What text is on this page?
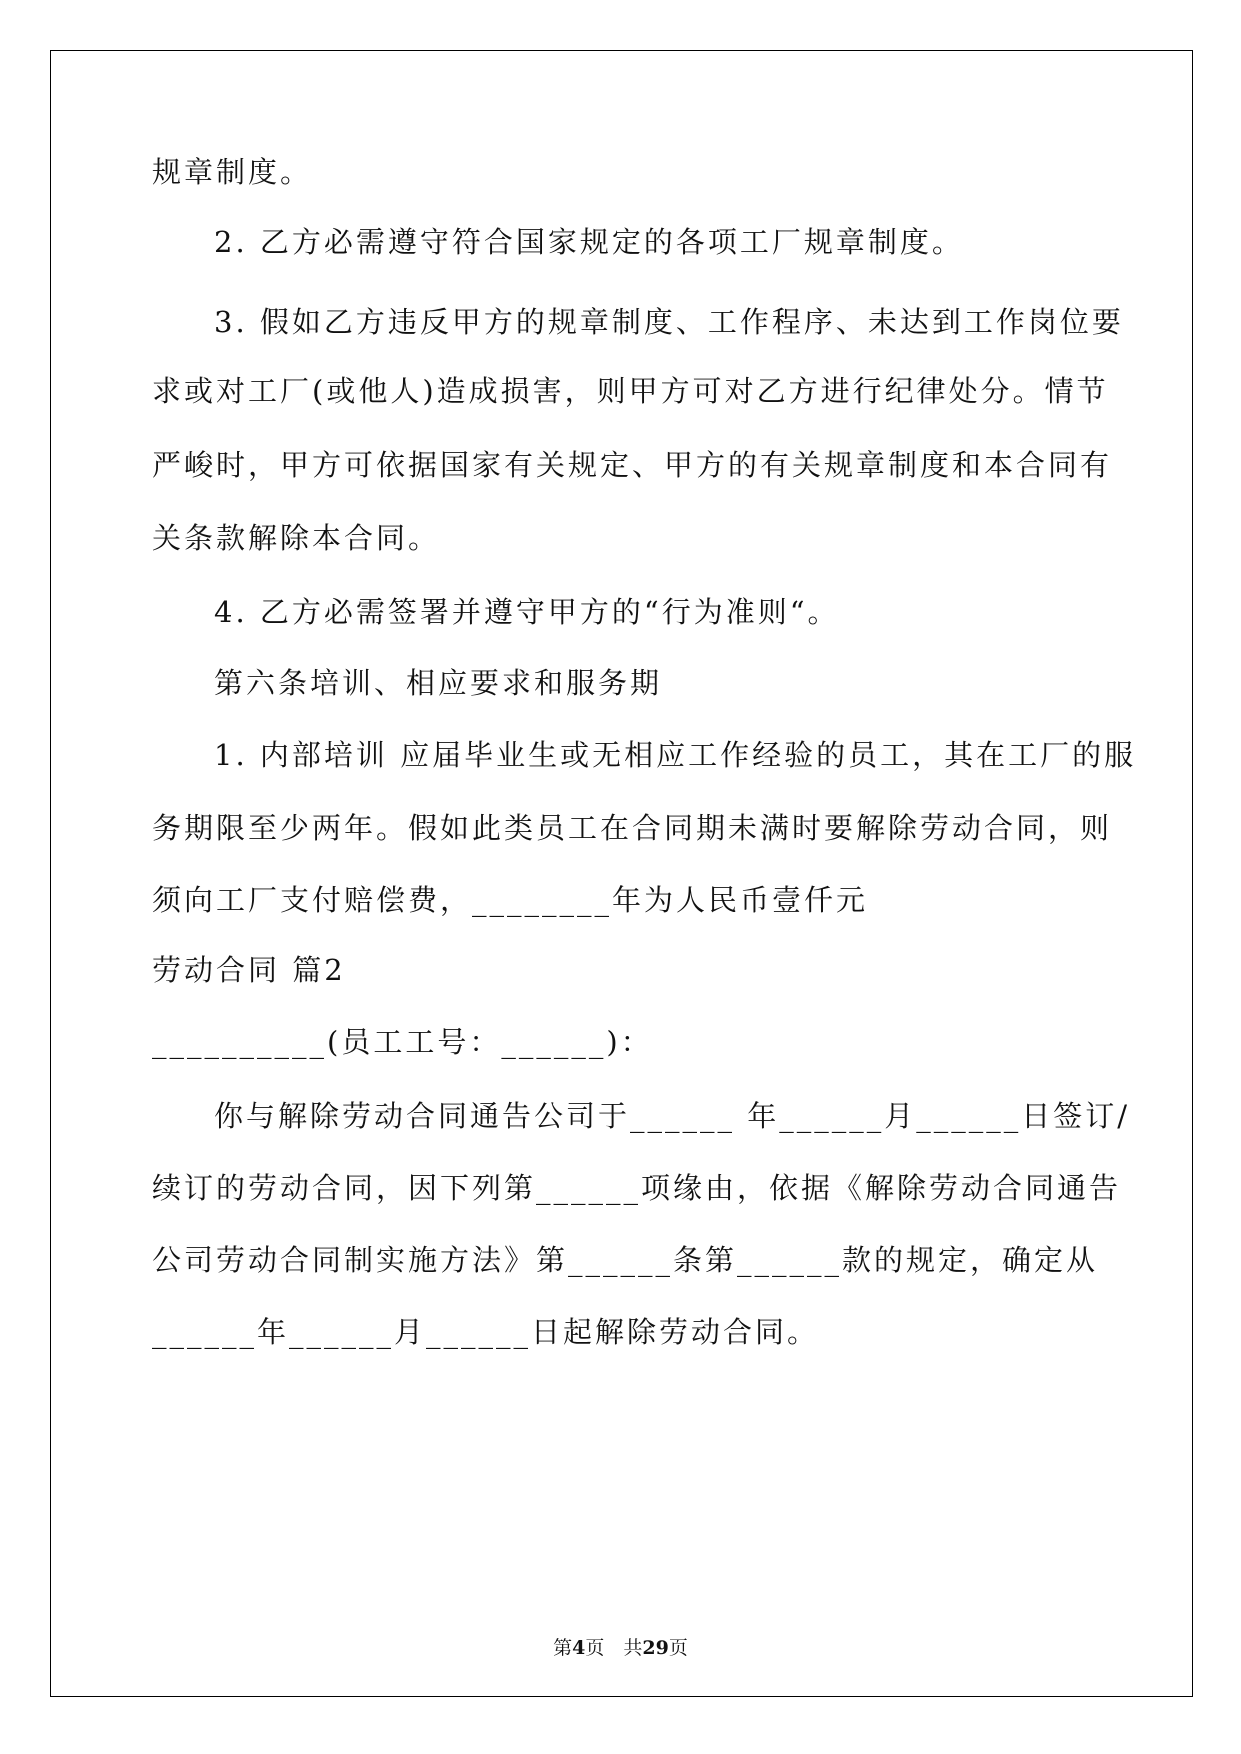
规章制度。

2. 乙方必需遵守符合国家规定的各项工厂规章制度。

3. 假如乙方违反甲方的规章制度、工作程序、未达到工作岗位要

求或对工厂(或他人)造成损害，则甲方可对乙方进行纪律处分。情节

严峻时，甲方可依据国家有关规定、甲方的有关规章制度和本合同有

关条款解除本合同。

4. 乙方必需签署并遵守甲方的“行为准则“。

第六条培训、相应要求和服务期

1. 内部培训 应届毕业生或无相应工作经验的员工，其在工厂的服

务期限至少两年。假如此类员工在合同期未满时要解除劳动合同，则

须向工厂支付赔偿费，________年为人民币壹仟元

劳动合同 篇2

__________(员工工号：______)：

你与解除劳动合同通告公司于______ 年______月______日签订/

续订的劳动合同，因下列第______项缘由，依据《解除劳动合同通告

公司劳动合同制实施方法》第______条第______款的规定，确定从

______年______月______日起解除劳动合同。

第4页　共29页
